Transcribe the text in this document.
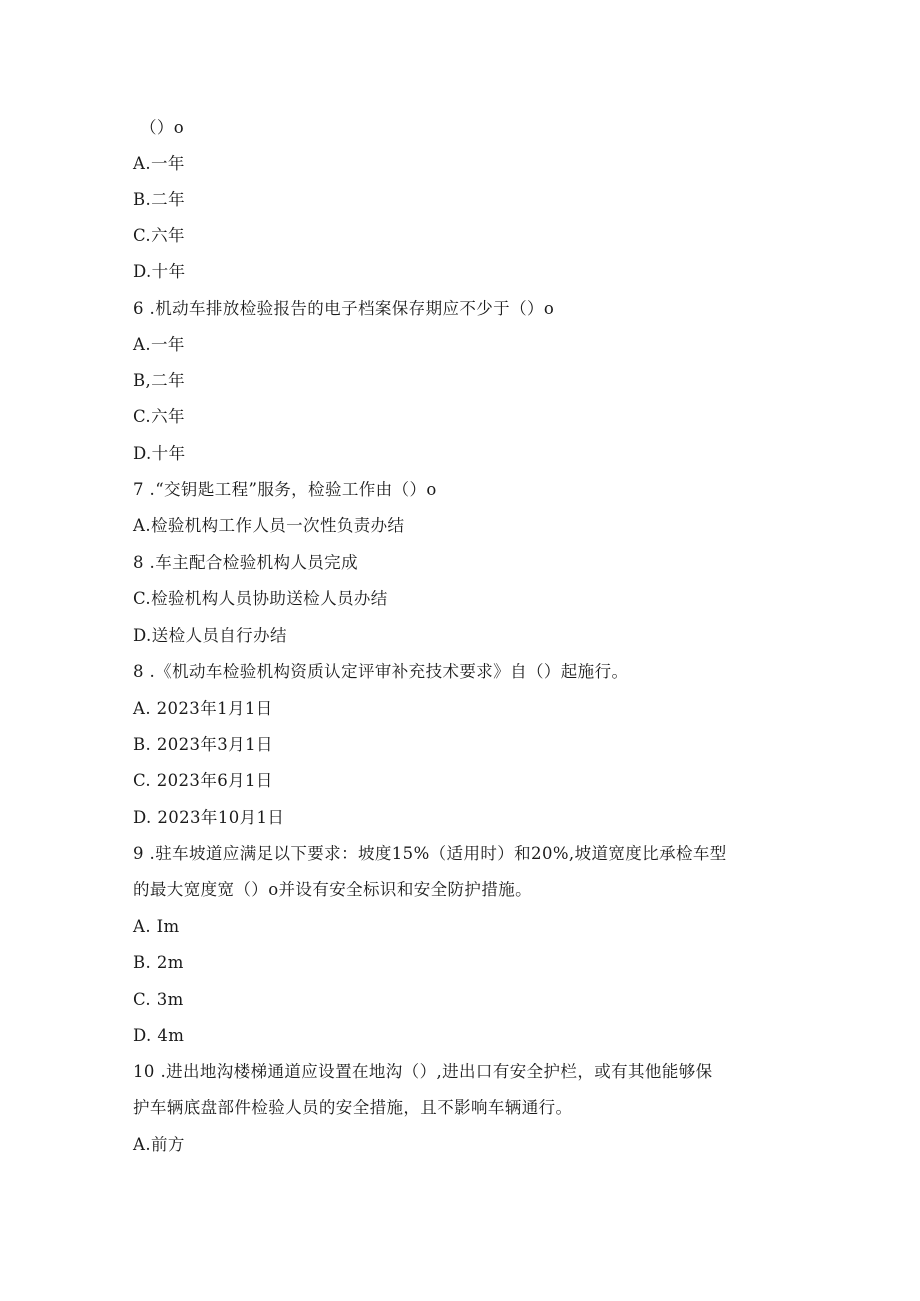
（）o
A.一年
B.二年
C.六年
D.十年
6 .机动车排放检验报告的电子档案保存期应不少于（）o
A.一年
B,二年
C.六年
D.十年
7 .“交钥匙工程”服务，检验工作由（）o
A.检验机构工作人员一次性负责办结
8 .车主配合检验机构人员完成
C.检验机构人员协助送检人员办结
D.送检人员自行办结
8 .《机动车检验机构资质认定评审补充技术要求》自（）起施行。
A. 2023年1月1日
B. 2023年3月1日
C. 2023年6月1日
D. 2023年10月1日
9 .驻车坡道应满足以下要求：坡度15%（适用时）和20%,坡道宽度比承检车型
的最大宽度宽（）o并设有安全标识和安全防护措施。
A. Im
B. 2m
C. 3m
D. 4m
10 .进出地沟楼梯通道应设置在地沟（）,进出口有安全护栏，或有其他能够保
护车辆底盘部件检验人员的安全措施，且不影响车辆通行。
A.前方
